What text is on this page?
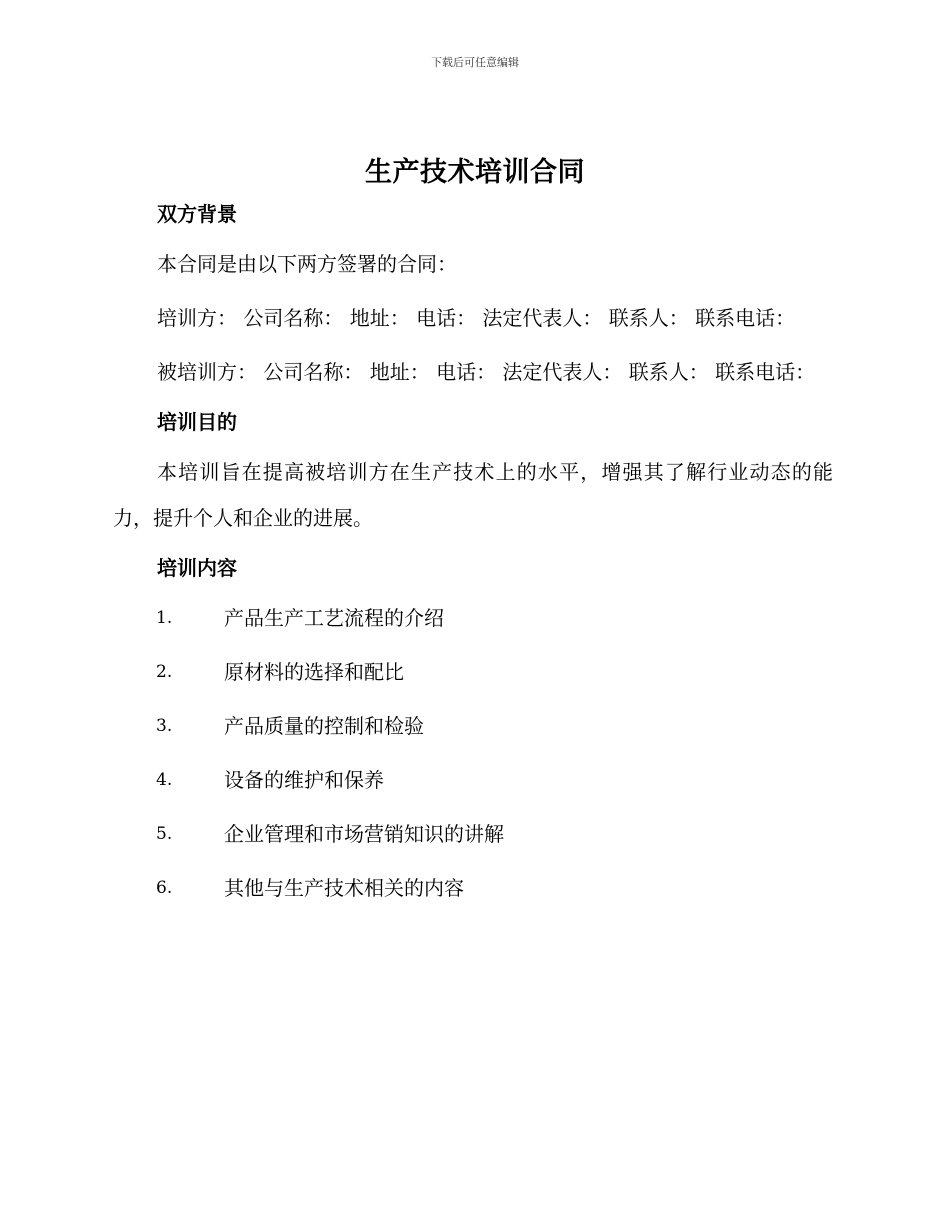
下载后可任意编辑
生产技术培训合同
双方背景

本合同是由以下两方签署的合同：

培训方： 公司名称： 地址： 电话： 法定代表人： 联系人： 联系电话：

被培训方： 公司名称： 地址： 电话： 法定代表人： 联系人： 联系电话：

培训目的

本培训旨在提高被培训方在生产技术上的水平，增强其了解行业动态的能力，提升个人和企业的进展。

培训内容
1.	产品生产工艺流程的介绍
2.	原材料的选择和配比
3.	产品质量的控制和检验
4.	设备的维护和保养
5.	企业管理和市场营销知识的讲解
6.	其他与生产技术相关的内容
